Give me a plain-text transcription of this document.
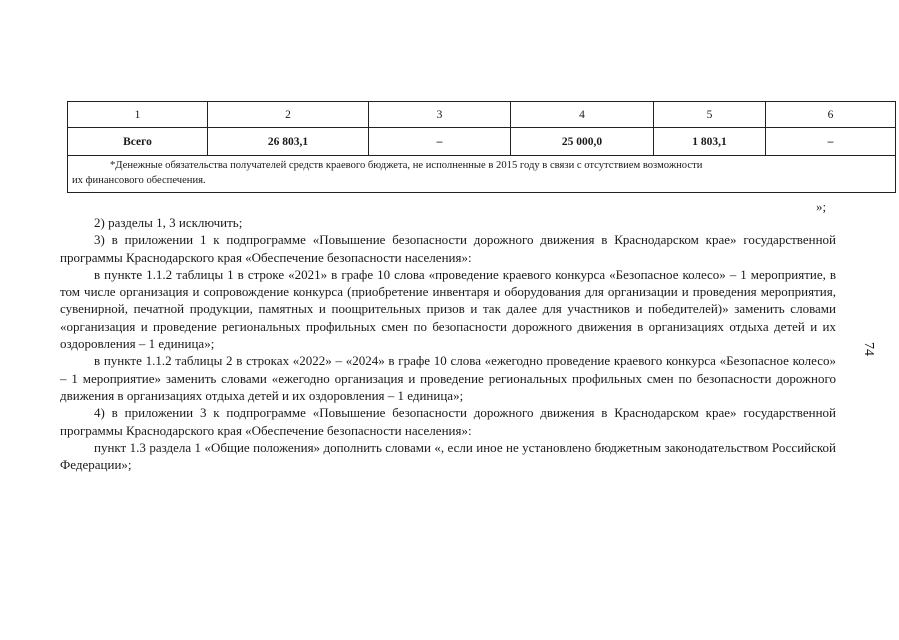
1	2	3	4	5	6
Всего	26 803,1	–	25 000,0	1 803,1	–

*Денежные обязательства получателей средств краевого бюджета, не исполненные в 2015 году в связи с отсутствием возможности
их финансового обеспечения.					
»;

2) разделы 1, 3 исключить;

3) в приложении 1 к подпрограмме «Повышение безопасности дорожного движения в Краснодарском крае» государственной программы Краснодарского края «Обеспечение безопасности населения»:

в пункте 1.1.2 таблицы 1 в строке «2021» в графе 10 слова «проведение краевого конкурса «Безопасное колесо» – 1 мероприятие, в том числе организация и сопровождение конкурса (приобретение инвентаря и оборудования для организации и проведения мероприятия, сувенирной, печатной продукции, памятных и поощрительных призов и так далее для участников и победителей)» заменить словами «организация и проведение региональных профильных смен по безопасности дорожного движения в организациях отдыха детей и их оздоровления – 1 единица»;

в пункте 1.1.2 таблицы 2 в строках «2022» – «2024» в графе 10 слова «ежегодно проведение краевого конкурса «Безопасное колесо» – 1 мероприятие» заменить словами «ежегодно организация и проведение региональных профильных смен по безопасности дорожного движения в организациях отдыха детей и их оздоровления – 1 единица»;

4) в приложении 3 к подпрограмме «Повышение безопасности дорожного движения в Краснодарском крае» государственной программы Краснодарского края «Обеспечение безопасности населения»:

пункт 1.3 раздела 1 «Общие положения» дополнить словами «, если иное не установлено бюджетным законодательством Российской Федерации»;

74
